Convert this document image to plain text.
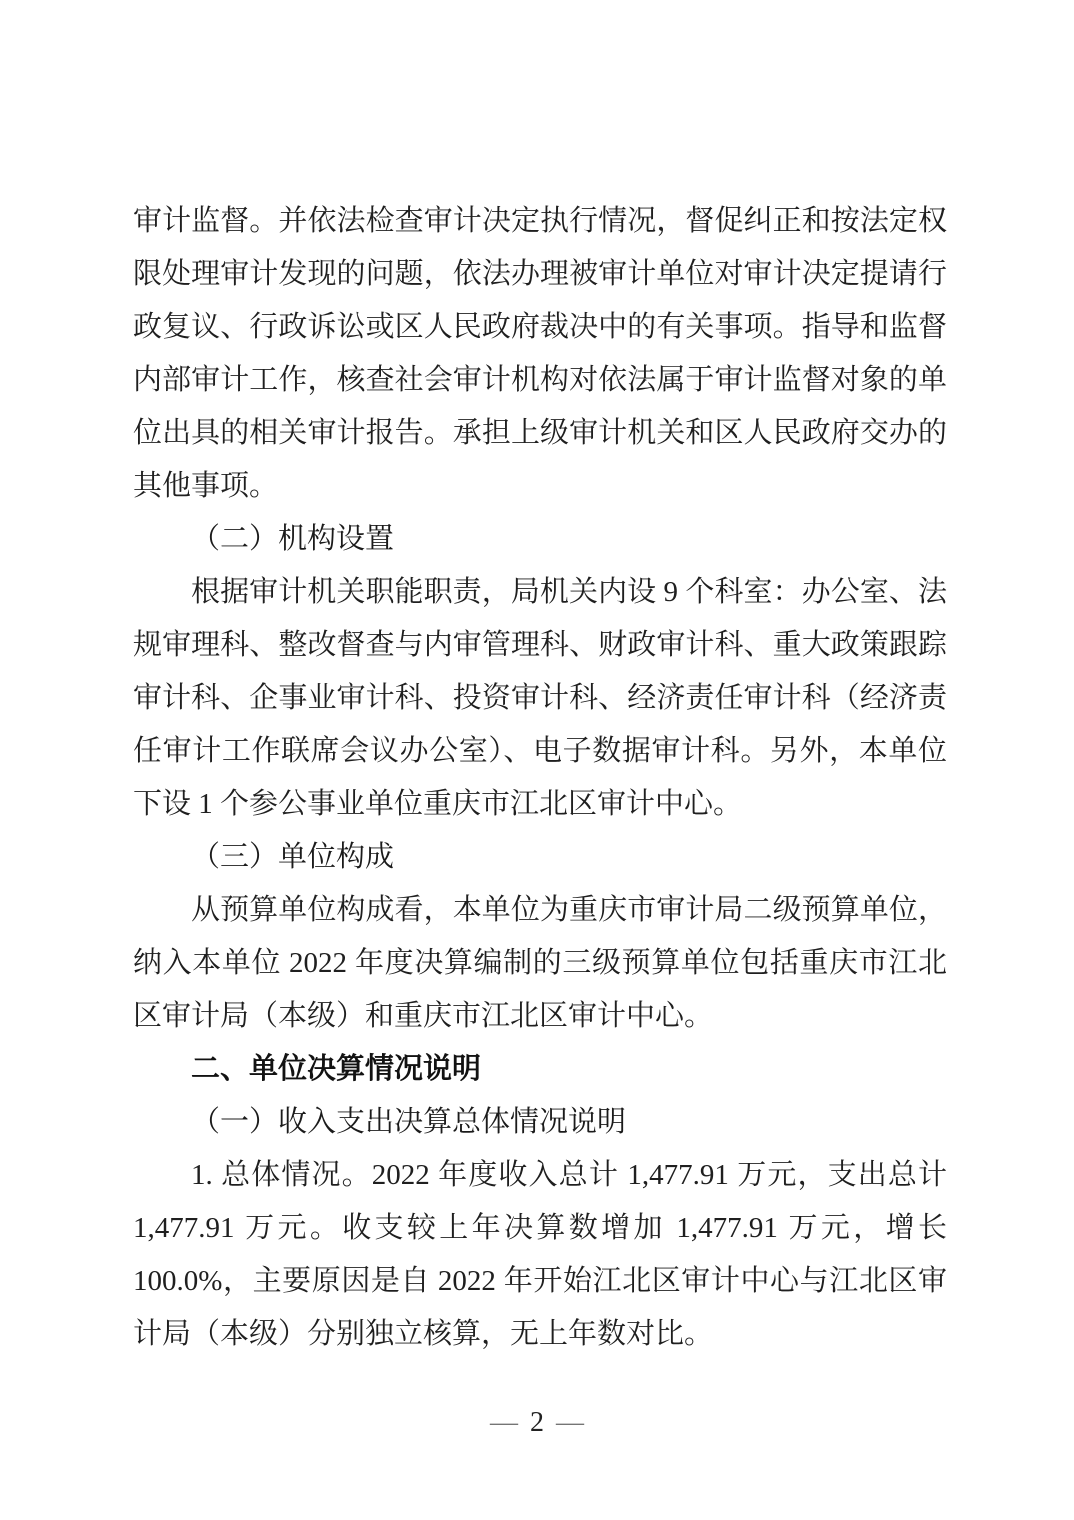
审计监督。并依法检查审计决定执行情况，督促纠正和按法定权限处理审计发现的问题，依法办理被审计单位对审计决定提请行政复议、行政诉讼或区人民政府裁决中的有关事项。指导和监督内部审计工作，核查社会审计机构对依法属于审计监督对象的单位出具的相关审计报告。承担上级审计机关和区人民政府交办的其他事项。

（二）机构设置

根据审计机关职能职责，局机关内设 9 个科室：办公室、法规审理科、整改督查与内审管理科、财政审计科、重大政策跟踪审计科、企事业审计科、投资审计科、经济责任审计科（经济责任审计工作联席会议办公室）、电子数据审计科。另外，本单位下设 1 个参公事业单位重庆市江北区审计中心。

（三）单位构成

从预算单位构成看，本单位为重庆市审计局二级预算单位，纳入本单位 2022 年度决算编制的三级预算单位包括重庆市江北区审计局（本级）和重庆市江北区审计中心。

二、单位决算情况说明

（一）收入支出决算总体情况说明

1. 总体情况。2022 年度收入总计 1,477.91 万元，支出总计 1,477.91 万元。收支较上年决算数增加 1,477.91 万元，增长 100.0%，主要原因是自 2022 年开始江北区审计中心与江北区审计局（本级）分别独立核算，无上年数对比。

— 2 —
